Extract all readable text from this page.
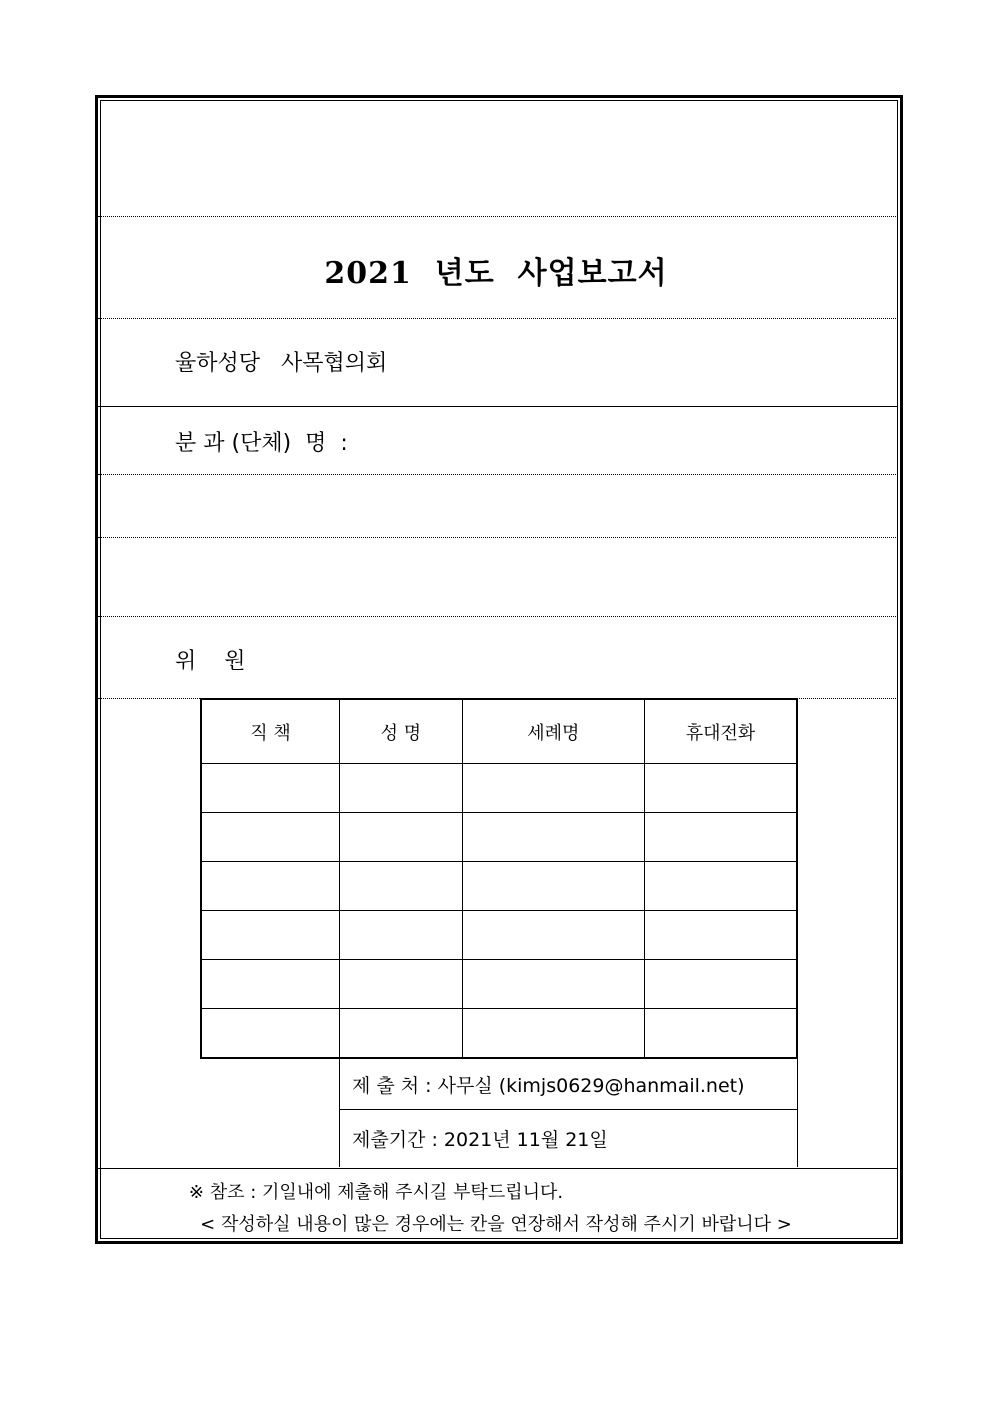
2021  년도  사업보고서
율하성당   사목협의회
분 과 (단체)  명  :
위    원
직 책	성 명	세례명	휴대전화

제 출 처 : 사무실 (kimjs0629@hanmail.net)
제출기간 : 2021년 11월 21일
※ 참조 : 기일내에 제출해 주시길 부탁드립니다.
< 작성하실 내용이 많은 경우에는 칸을 연장해서 작성해 주시기 바랍니다 >
